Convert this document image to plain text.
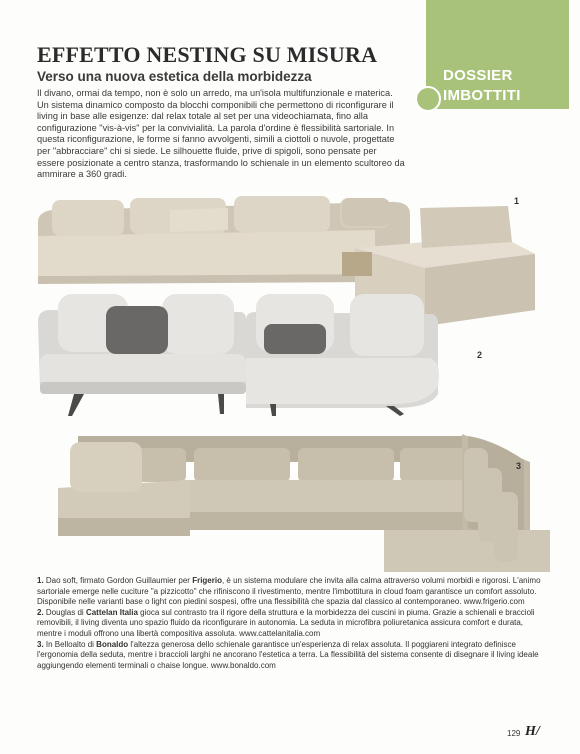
DOSSIER
IMBOTTITI
EFFETTO NESTING SU MISURA
Verso una nuova estetica della morbidezza

Il divano, ormai da tempo, non è solo un arredo, ma un'isola multifunzionale e materica. Un sistema dinamico composto da blocchi componibili che permettono di riconfigurare il living in base alle esigenze: dal relax totale al set per una videochiamata, fino alla configurazione "vis-à-vis" per la convivialità. La parola d'ordine è flessibilità sartoriale. In questa riconfigurazione, le forme si fanno avvolgenti, simili a ciottoli o nuvole, progettate per "abbracciare" chi si siede. Le silhouette fluide, prive di spigoli, sono pensate per essere posizionate a centro stanza, trasformando lo schienale in un elemento scultoreo da ammirare a 360 gradi.

1
2
3

1. Dao soft, firmato Gordon Guillaumier per Frigerio, è un sistema modulare che invita alla calma attraverso volumi morbidi e rigorosi. L'animo sartoriale emerge nelle cuciture "a pizzicotto" che rifiniscono il rivestimento, mentre l'imbottitura in cloud foam garantisce un comfort assoluto. Disponibile nelle varianti base o light con piedini sospesi, offre una flessibilità che spazia dal classico al contemporaneo. www.frigerio.com

2. Douglas di Cattelan Italia gioca sul contrasto tra il rigore della struttura e la morbidezza dei cuscini in piuma. Grazie a schienali e braccioli removibili, il living diventa uno spazio fluido da riconfigurare in autonomia. La seduta in microfibra poliuretanica assicura comfort e durata, mentre i moduli offrono una libertà compositiva assoluta. www.cattelanitalia.com

3. In Belloalto di Bonaldo l'altezza generosa dello schienale garantisce un'esperienza di relax assoluta. Il poggiareni integrato definisce l'ergonomia della seduta, mentre i braccioli larghi ne ancorano l'estetica a terra. La flessibilità del sistema consente di disegnare il living ideale aggiungendo elementi terminali o chaise longue. www.bonaldo.com

129 H/
